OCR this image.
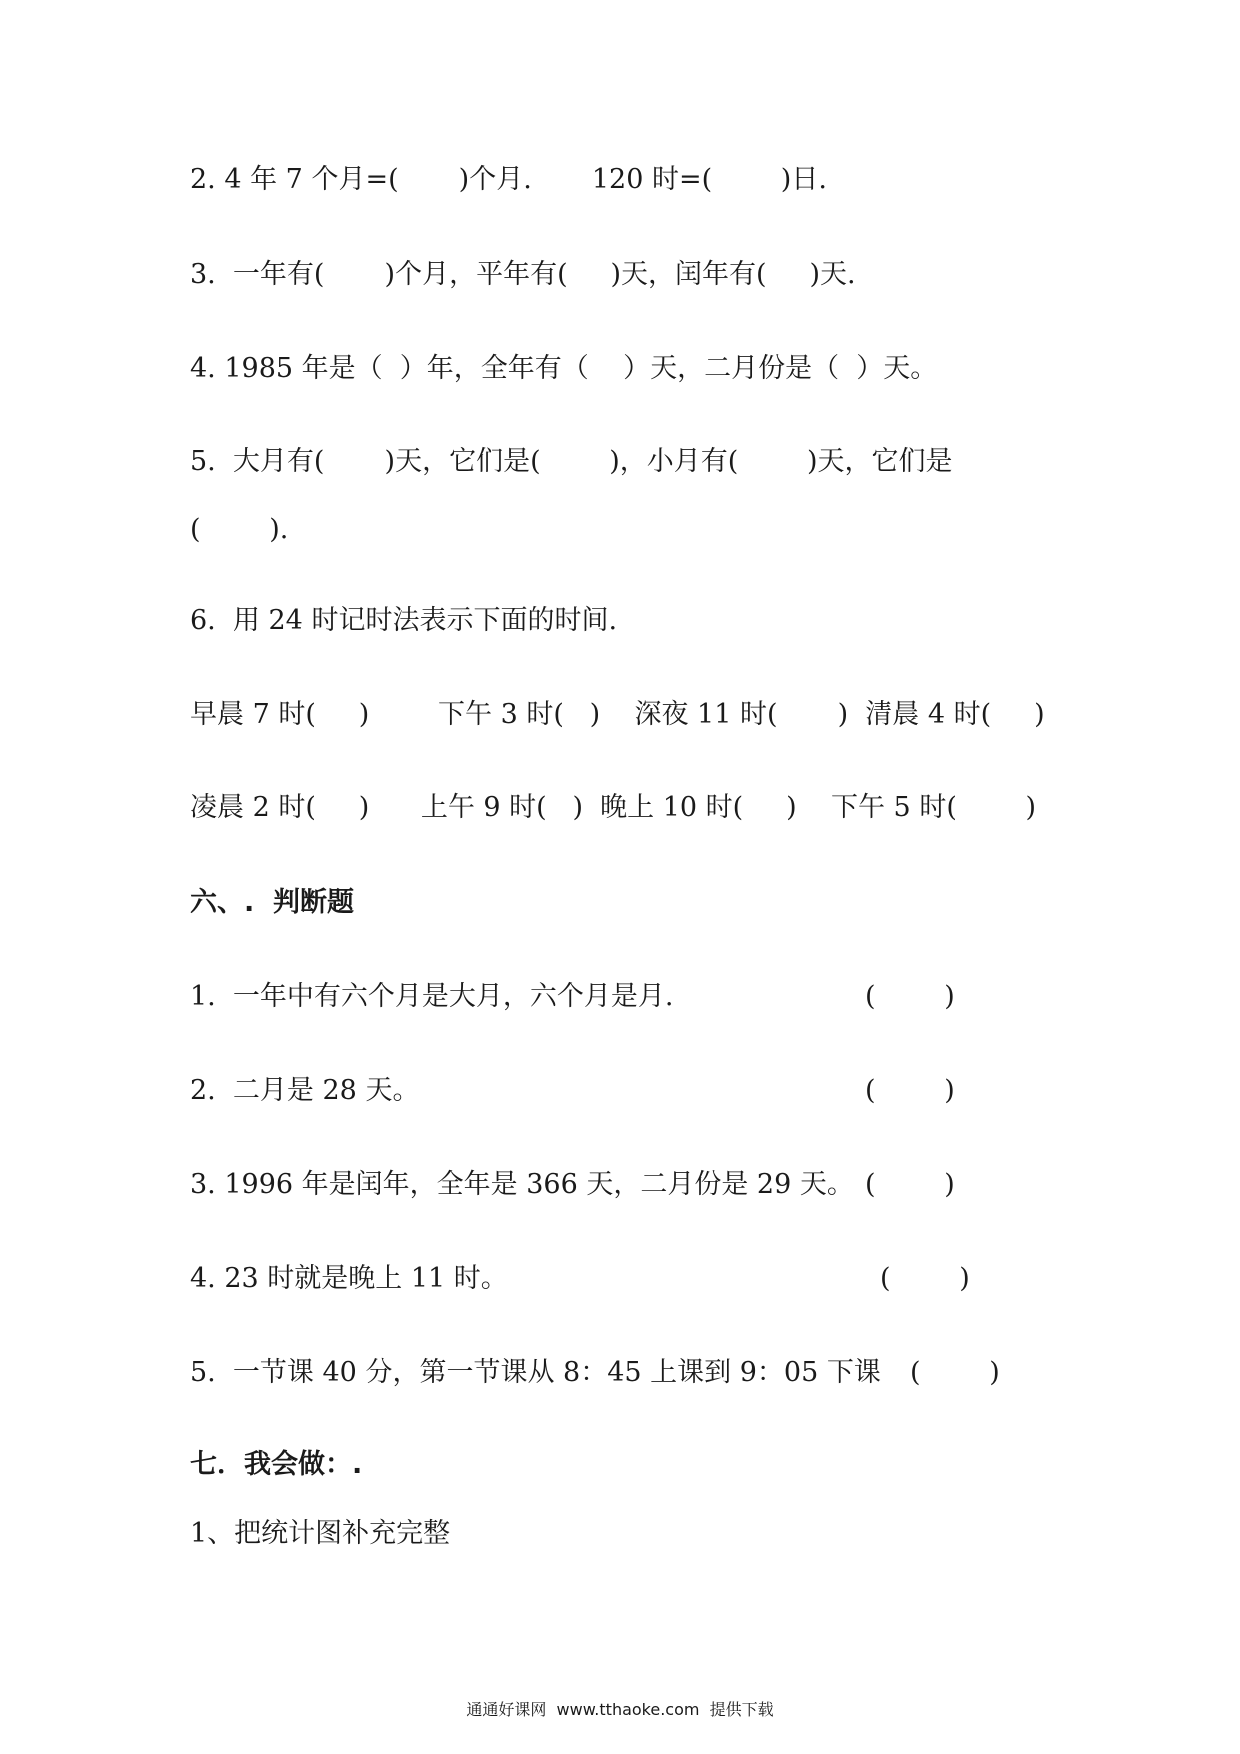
2. 4 年 7 个月=(       )个月.       120 时=(        )日.
3.  一年有(       )个月，平年有(     )天，闰年有(     )天.
4. 1985 年是（  ）年，全年有（    ）天，二月份是（  ）天。
5.  大月有(       )天，它们是(        )，小月有(        )天，它们是
(        ).
6.  用 24 时记时法表示下面的时间.
早晨 7 时(     )        下午 3 时(   )    深夜 11 时(       )  清晨 4 时(     )
凌晨 2 时(     )      上午 9 时(   )  晚上 10 时(     )    下午 5 时(        )
六、.  判断题
1.  一年中有六个月是大月，六个月是月.	(        )
2.  二月是 28 天。	(        )
3. 1996 年是闰年，全年是 366 天，二月份是 29 天。 (        )
4. 23 时就是晚上 11 时。	(        )
5.  一节课 40 分，第一节课从 8：45 上课到 9：05 下课 (        )
七．我会做：.
1、把统计图补充完整
通通好课网  www.tthaoke.com  提供下载
